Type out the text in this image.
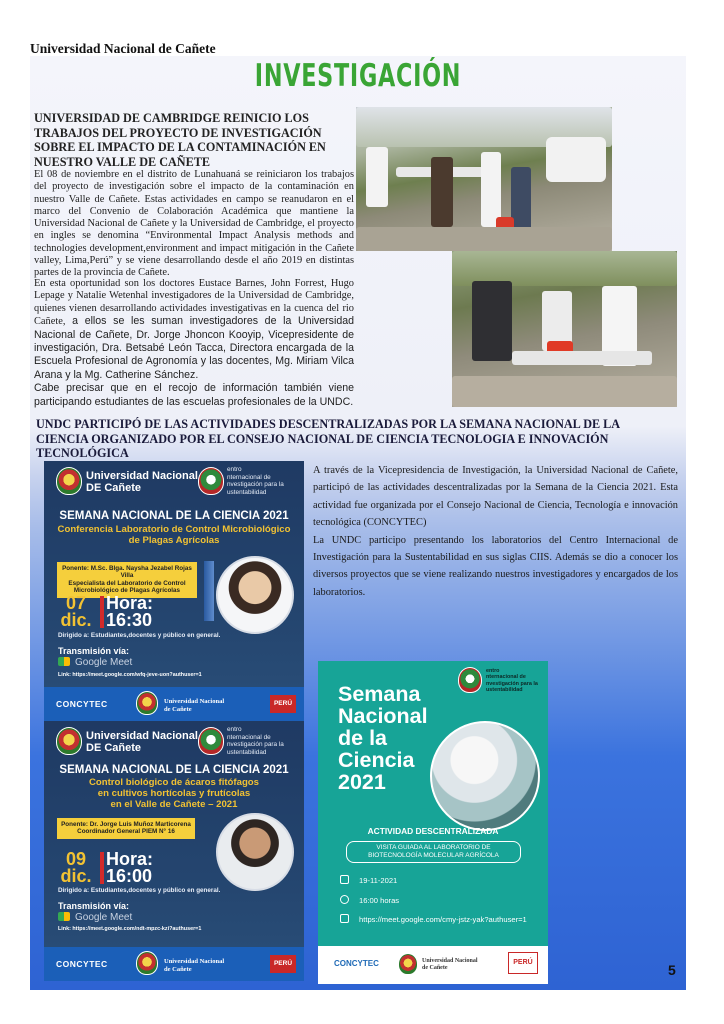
Universidad Nacional de Cañete
INVESTIGACIÓN
UNIVERSIDAD DE CAMBRIDGE REINICIO LOS TRABAJOS DEL PROYECTO DE INVESTIGACIÓN SOBRE EL IMPACTO DE LA CONTAMINACIÓN EN NUESTRO VALLE DE CAÑETE

El 08 de noviembre en el distrito de Lunahuaná se reiniciaron los trabajos del proyecto de investigación sobre el impacto de la contaminación en nuestro Valle de Cañete. Estas actividades en campo se reanudaron en el marco del Convenio de Colaboración Académica que mantiene la Universidad Nacional de Cañete y la Universidad de Cambridge, el proyecto en ingles se denomina “Environmental Impact Analysis methods and technologies development,environment and impact mitigación in the Cañete valley, Lima,Perú” y se viene desarrollando desde el año 2019 en distintas partes de la provincia de Cañete.

En esta oportunidad son los doctores Eustace Barnes, John Forrest, Hugo Lepage y Natalie Wetenhal investigadores de la Universidad de Cambridge, quienes vienen desarrollando actividades investigativas en la cuenca del rio Cañete, a ellos se les suman investigadores de la Universidad Nacional de Cañete, Dr. Jorge Jhoncon Kooyip, Vicepresidente de investigación, Dra. Betsabé León Tacca, Directora encargada de la Escuela Profesional de Agronomía y las docentes, Mg. Miriam Vilca Arana y la Mg. Catherine Sánchez.
Cabe precisar que en el recojo de información también viene participando estudiantes de las escuelas profesionales de la UNDC.

UNDC PARTICIPÓ DE LAS ACTIVIDADES DESCENTRALIZADAS POR LA SEMANA NACIONAL DE LA CIENCIA ORGANIZADO POR EL CONSEJO NACIONAL DE CIENCIA TECNOLOGIA E INNOVACIÓN TECNOLÓGICA
Universidad Nacional
DE Cañete
entro
nternacional de
nvestigación para la
ustentabilidad
SEMANA NACIONAL DE LA CIENCIA 2021
Conferencia Laboratorio de Control Microbiológico
de Plagas Agrícolas
Ponente: M.Sc. Blga. Naysha Jezabel Rojas Villa
Especialista del Laboratorio de Control
Microbiológico de Plagas Agrícolas
07
dic.
Hora:
16:30
Dirigido a: Estudiantes,docentes y público en general.
Transmisión vía:
Google Meet
Link: https://meet.google.com/wfq-jeve-uon?authuser=1
CONCYTEC	Universidad Nacional
de Cañete
PERÚ
Universidad Nacional
DE Cañete
entro
nternacional de
nvestigación para la
ustentabilidad
SEMANA NACIONAL DE LA CIENCIA 2021
Control biológico de ácaros fitófagos
en cultivos hortícolas y frutícolas
en el Valle de Cañete – 2021
Ponente: Dr. Jorge Luis Muñoz Marticorena
Coordinador General PIEM N° 16
09
dic.
Hora:
16:00
Dirigido a: Estudiantes,docentes y público en general.
Transmisión vía:
Google Meet
Link: https://meet.google.com/ndt-mpzc-kzi?authuser=1
CONCYTEC	Universidad Nacional
de Cañete
PERÚ

A través de la Vicepresidencia de Investigación, la Universidad Nacional de Cañete, participó de las actividades descentralizadas por la Semana de la Ciencia 2021. Esta actividad fue organizada por el Consejo Nacional de Ciencia, Tecnología e innovación tecnológica (CONCYTEC)

La UNDC participo presentando los laboratorios del Centro Internacional de Investigación para la Sustentabilidad en sus siglas CIIS. Además se dio a conocer los diversos proyectos que se viene realizando nuestros investigadores y encargados de los laboratorios.

entro
nternacional de
nvestigación para la
ustentabilidad
Semana
Nacional
de la
Ciencia
2021
ACTIVIDAD DESCENTRALIZADA
VISITA GUIADA AL LABORATORIO DE
BIOTECNOLOGÍA MOLECULAR AGRÍCOLA
19-11-2021
16:00 horas
https://meet.google.com/cmy-jstz-yak?authuser=1
CONCYTEC	Universidad Nacional
de Cañete
PERÚ	5
